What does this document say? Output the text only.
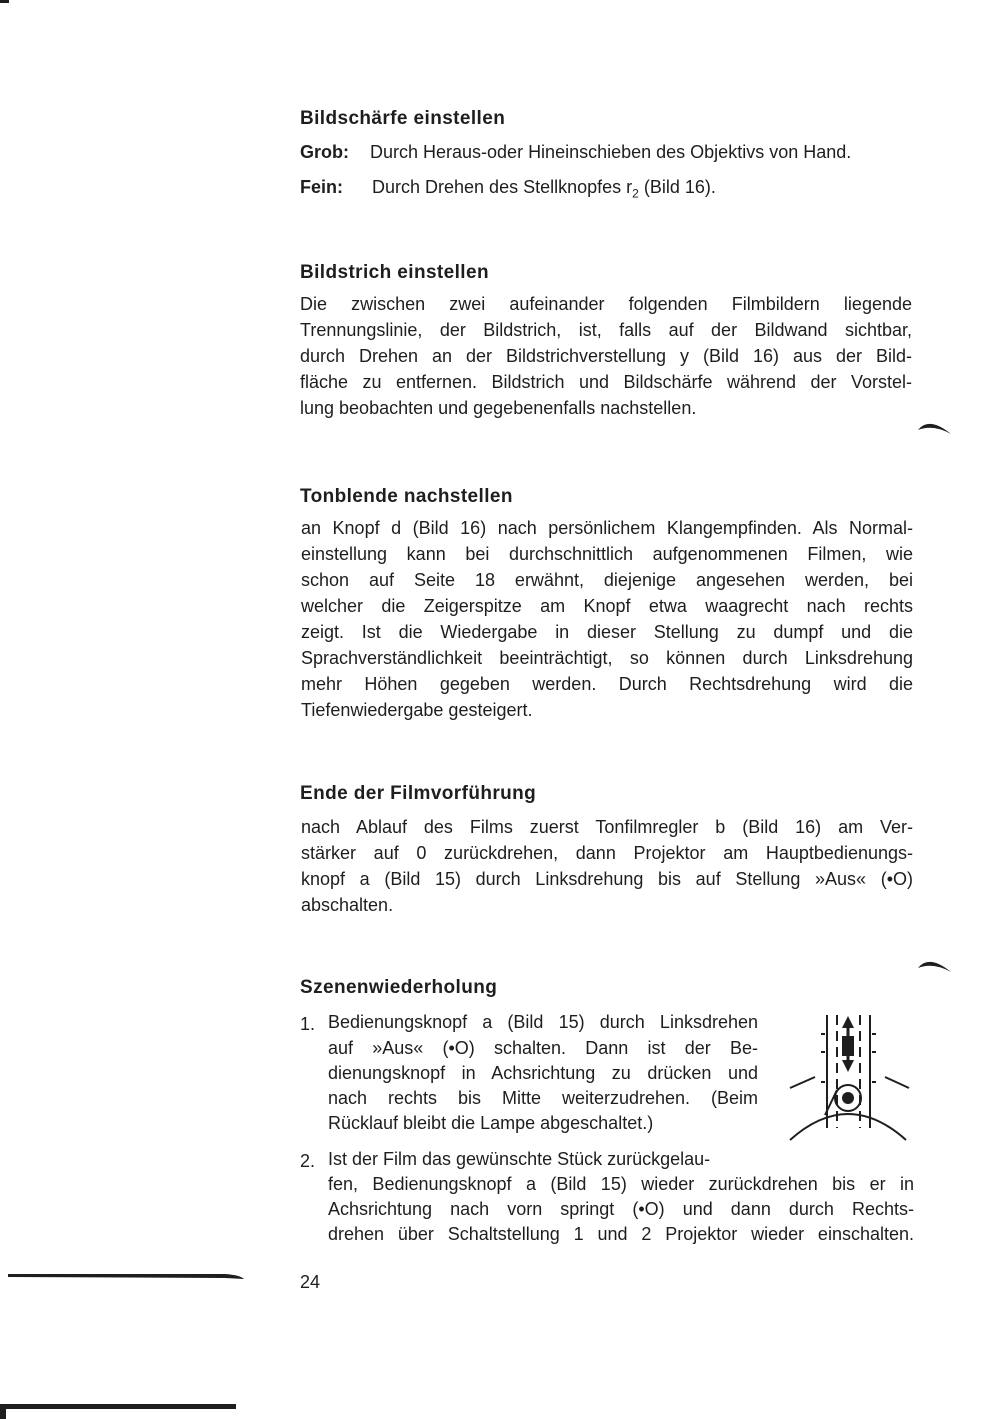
Bildschärfe einstellen

Grob: Durch Heraus-oder Hineinschieben des Objektivs von Hand.

Fein: Durch Drehen des Stellknopfes $r_2$ (Bild 16).

Bildstrich einstellen

Die zwischen zwei aufeinander folgenden Filmbildern liegende

Trennungslinie, der Bildstrich, ist, falls auf der Bildwand sichtbar,

durch Drehen an der Bildstrichverstellung y (Bild 16) aus der Bild-

fläche zu entfernen. Bildstrich und Bildschärfe während der Vorstel-

lung beobachten und gegebenenfalls nachstellen.

Tonblende nachstellen

an Knopf d (Bild 16) nach persönlichem Klangempfinden. Als Normal-

einstellung kann bei durchschnittlich aufgenommenen Filmen, wie

schon auf Seite 18 erwähnt, diejenige angesehen werden, bei

welcher die Zeigerspitze am Knopf etwa waagrecht nach rechts

zeigt. Ist die Wiedergabe in dieser Stellung zu dumpf und die

Sprachverständlichkeit beeinträchtigt, so können durch Linksdrehung

mehr Höhen gegeben werden. Durch Rechtsdrehung wird die

Tiefenwiedergabe gesteigert.

Ende der Filmvorführung

nach Ablauf des Films zuerst Tonfilmregler b (Bild 16) am Ver-

stärker auf 0 zurückdrehen, dann Projektor am Hauptbedienungs-

knopf a (Bild 15) durch Linksdrehung bis auf Stellung »Aus« (•O)

abschalten.

Szenenwiederholung
1. Bedienungsknopf a (Bild 15) durch Linksdrehen

auf »Aus« (•O) schalten. Dann ist der Be-

dienungsknopf in Achsrichtung zu drücken und

nach rechts bis Mitte weiterzudrehen. (Beim

Rücklauf bleibt die Lampe abgeschaltet.)

2. Ist der Film das gewünschte Stück zurückgelau-

fen, Bedienungsknopf a (Bild 15) wieder zurückdrehen bis er in

Achsrichtung nach vorn springt (•O) und dann durch Rechts-

drehen über Schaltstellung 1 und 2 Projektor wieder einschalten.

24
